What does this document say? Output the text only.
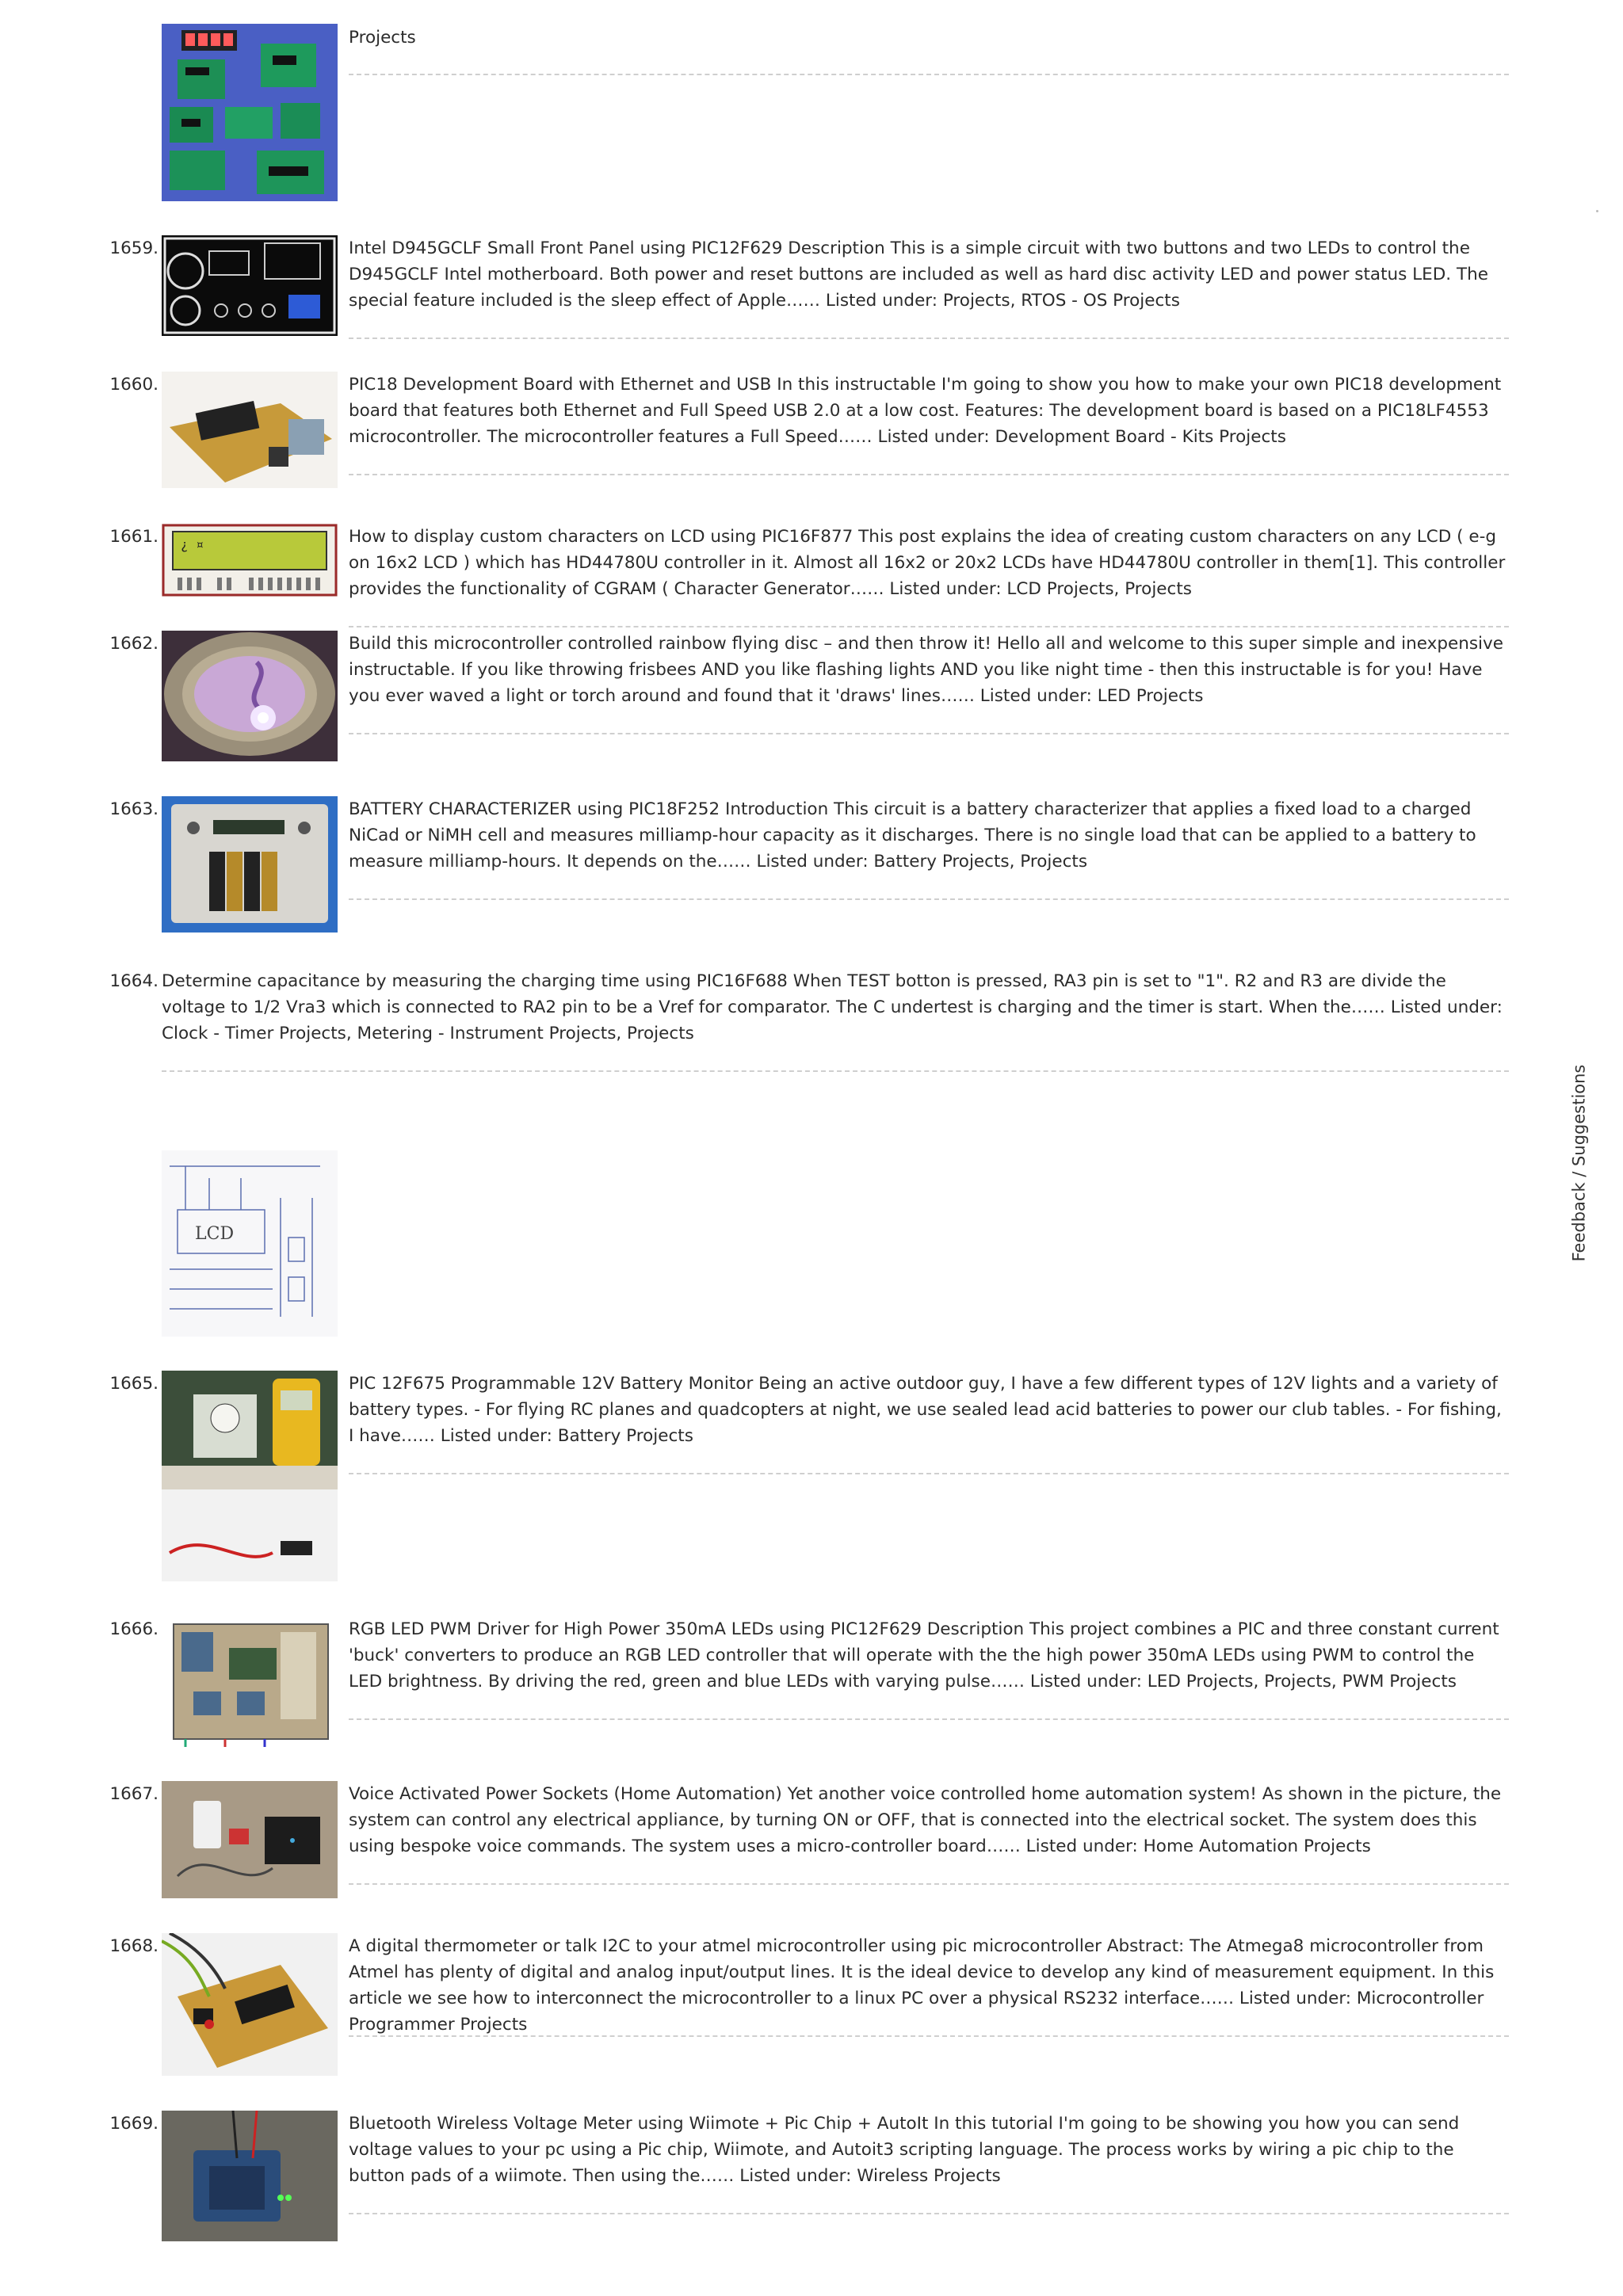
Projects
1659.	Intel D945GCLF Small Front Panel using PIC12F629 Description This is a simple circuit with two buttons and two LEDs to control the D945GCLF Intel motherboard. Both power and reset buttons are included as well as hard disc activity LED and power status LED. The special feature included is the sleep effect of Apple…… Listed under: Projects, RTOS - OS Projects
1660.	PIC18 Development Board with Ethernet and USB In this instructable I'm going to show you how to make your own PIC18 development board that features both Ethernet and Full Speed USB 2.0 at a low cost. Features: The development board is based on a PIC18LF4553 microcontroller. The microcontroller features a Full Speed…… Listed under: Development Board - Kits Projects
1661. ¿ ¤	How to display custom characters on LCD using PIC16F877 This post explains the idea of creating custom characters on any LCD ( e-g on 16x2 LCD ) which has HD44780U controller in it. Almost all 16x2 or 20x2 LCDs have HD44780U controller in them[1]. This controller provides the functionality of CGRAM ( Character Generator…… Listed under: LCD Projects, Projects
1662.	Build this microcontroller controlled rainbow flying disc – and then throw it! Hello all and welcome to this super simple and inexpensive instructable. If you like throwing frisbees AND you like flashing lights AND you like night time - then this instructable is for you! Have you ever waved a light or torch around and found that it 'draws' lines…… Listed under: LED Projects
1663.	BATTERY CHARACTERIZER using PIC18F252 Introduction This circuit is a battery characterizer that applies a fixed load to a charged NiCad or NiMH cell and measures milliamp-hour capacity as it discharges. There is no single load that can be applied to a battery to measure milliamp-hours. It depends on the…… Listed under: Battery Projects, Projects
1664. Determine capacitance by measuring the charging time using PIC16F688 When TEST botton is pressed, RA3 pin is set to "1". R2 and R3 are divide the voltage to 1/2 Vra3 which is connected to RA2 pin to be a Vref for comparator. The C undertest is charging and the timer is start. When the…… Listed under: Clock - Timer Projects, Metering - Instrument Projects, Projects
LCD
1665.	PIC 12F675 Programmable 12V Battery Monitor Being an active outdoor guy, I have a few different types of 12V lights and a variety of battery types. - For flying RC planes and quadcopters at night, we use sealed lead acid batteries to power our club tables. - For fishing, I have…… Listed under: Battery Projects
1666.	RGB LED PWM Driver for High Power 350mA LEDs using PIC12F629 Description This project combines a PIC and three constant current 'buck' converters to produce an RGB LED controller that will operate with the the high power 350mA LEDs using PWM to control the LED brightness. By driving the red, green and blue LEDs with varying pulse…… Listed under: LED Projects, Projects, PWM Projects
1667.	Voice Activated Power Sockets (Home Automation) Yet another voice controlled home automation system! As shown in the picture, the system can control any electrical appliance, by turning ON or OFF, that is connected into the electrical socket. The system does this using bespoke voice commands. The system uses a micro-controller board…… Listed under: Home Automation Projects
1668.	A digital thermometer or talk I2C to your atmel microcontroller using pic microcontroller Abstract: The Atmega8 microcontroller from Atmel has plenty of digital and analog input/output lines. It is the ideal device to develop any kind of measurement equipment. In this article we see how to interconnect the microcontroller to a linux PC over a physical RS232 interface…… Listed under: Microcontroller Programmer Projects
1669.	Bluetooth Wireless Voltage Meter using Wiimote + Pic Chip + AutoIt In this tutorial I'm going to be showing you how you can send voltage values to your pc using a Pic chip, Wiimote, and Autoit3 scripting language. The process works by wiring a pic chip to the button pads of a wiimote. Then using the…… Listed under: Wireless Projects
Feedback / Suggestions
